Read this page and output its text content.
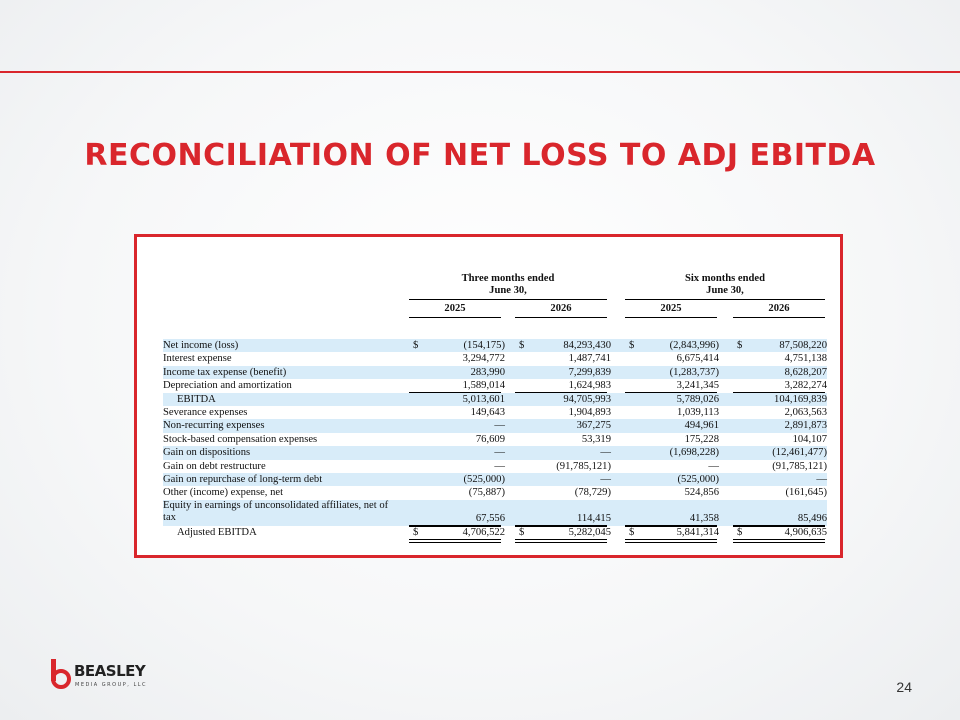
RECONCILIATION OF NET LOSS TO ADJ EBITDA
Three months ended
June 30,
Six months ended
June 30,
2025	2026	2025	2026
Net income (loss)	$	(154,175) $	84,293,430	$	(2,843,996) $	87,508,220
Interest expense	3,294,772	1,487,741	6,675,414	4,751,138
Income tax expense (benefit)	283,990	7,299,839	(1,283,737)	8,628,207
Depreciation and amortization	1,589,014	1,624,983	3,241,345	3,282,274
EBITDA	5,013,601	94,705,993	5,789,026	104,169,839
Severance expenses	149,643	1,904,893	1,039,113	2,063,563
Non-recurring expenses	—	367,275	494,961	2,891,873
Stock-based compensation expenses	76,609	53,319	175,228	104,107
Gain on dispositions	—	—	(1,698,228)	(12,461,477)
Gain on debt restructure	—	(91,785,121)	—	(91,785,121)
Gain on repurchase of long-term debt	(525,000)	—	(525,000)	—
Other (income) expense, net	(75,887)	(78,729)	524,856	(161,645)
Equity in earnings of unconsolidated affiliates, net of tax	67,556	114,415	41,358	85,496
Adjusted EBITDA	$	4,706,522	$	5,282,045	$	5,841,314	$	4,906,635
BEASLEY
MEDIA GROUP, LLC	24
